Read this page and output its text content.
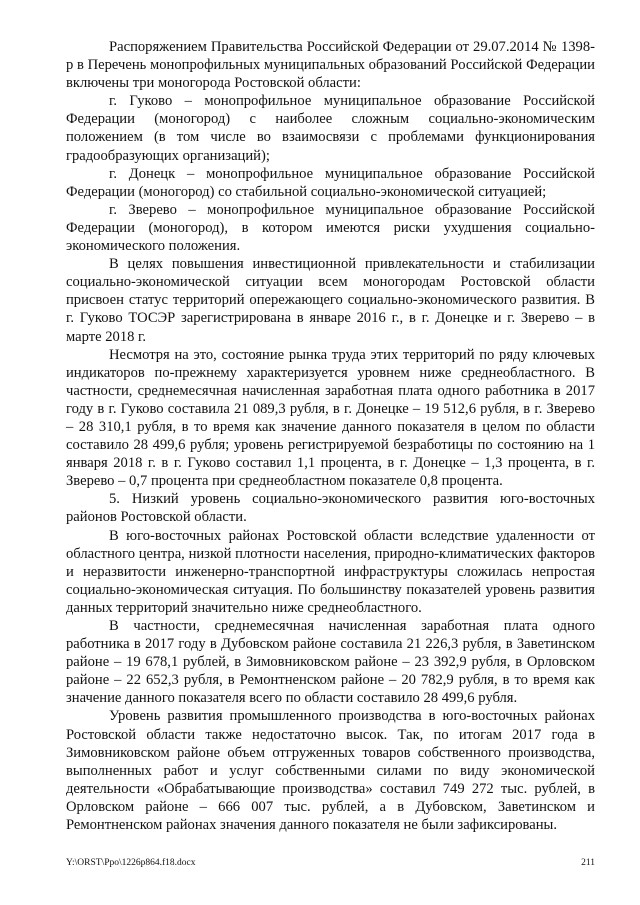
Распоряжением Правительства Российской Федерации от 29.07.2014 № 1398-р в Перечень монопрофильных муниципальных образований Российской Федерации включены три моногорода Ростовской области:

г. Гуково – монопрофильное муниципальное образование Российской Федерации (моногород) с наиболее сложным социально-экономическим положением (в том числе во взаимосвязи с проблемами функционирования градообразующих организаций);

г. Донецк – монопрофильное муниципальное образование Российской Федерации (моногород) со стабильной социально-экономической ситуацией;

г. Зверево – монопрофильное муниципальное образование Российской Федерации (моногород), в котором имеются риски ухудшения социально-экономического положения.

В целях повышения инвестиционной привлекательности и стабилизации социально-экономической ситуации всем моногородам Ростовской области присвоен статус территорий опережающего социально-экономического развития. В г. Гуково ТОСЭР зарегистрирована в январе 2016 г., в г. Донецке и г. Зверево – в марте 2018 г.

Несмотря на это, состояние рынка труда этих территорий по ряду ключевых индикаторов по-прежнему характеризуется уровнем ниже среднеобластного. В частности, среднемесячная начисленная заработная плата одного работника в 2017 году в г. Гуково составила 21 089,3 рубля, в г. Донецке – 19 512,6 рубля, в г. Зверево – 28 310,1 рубля, в то время как значение данного показателя в целом по области составило 28 499,6 рубля; уровень регистрируемой безработицы по состоянию на 1 января 2018 г. в г. Гуково составил 1,1 процента, в г. Донецке – 1,3 процента, в г. Зверево – 0,7 процента при среднеобластном показателе 0,8 процента.

5. Низкий уровень социально-экономического развития юго-восточных районов Ростовской области.

В юго-восточных районах Ростовской области вследствие удаленности от областного центра, низкой плотности населения, природно-климатических факторов и неразвитости инженерно-транспортной инфраструктуры сложилась непростая социально-экономическая ситуация. По большинству показателей уровень развития данных территорий значительно ниже среднеобластного.

В частности, среднемесячная начисленная заработная плата одного работника в 2017 году в Дубовском районе составила 21 226,3 рубля, в Заветинском районе – 19 678,1 рублей, в Зимовниковском районе – 23 392,9 рубля, в Орловском районе – 22 652,3 рубля, в Ремонтненском районе – 20 782,9 рубля, в то время как значение данного показателя всего по области составило 28 499,6 рубля.

Уровень развития промышленного производства в юго-восточных районах Ростовской области также недостаточно высок. Так, по итогам 2017 года в Зимовниковском районе объем отгруженных товаров собственного производства, выполненных работ и услуг собственными силами по виду экономической деятельности «Обрабатывающие производства» составил 749 272 тыс. рублей, в Орловском районе – 666 007 тыс. рублей, а в Дубовском, Заветинском и Ремонтненском районах значения данного показателя не были зафиксированы.

Y:\ORST\Ppo\1226p864.f18.docx	211
